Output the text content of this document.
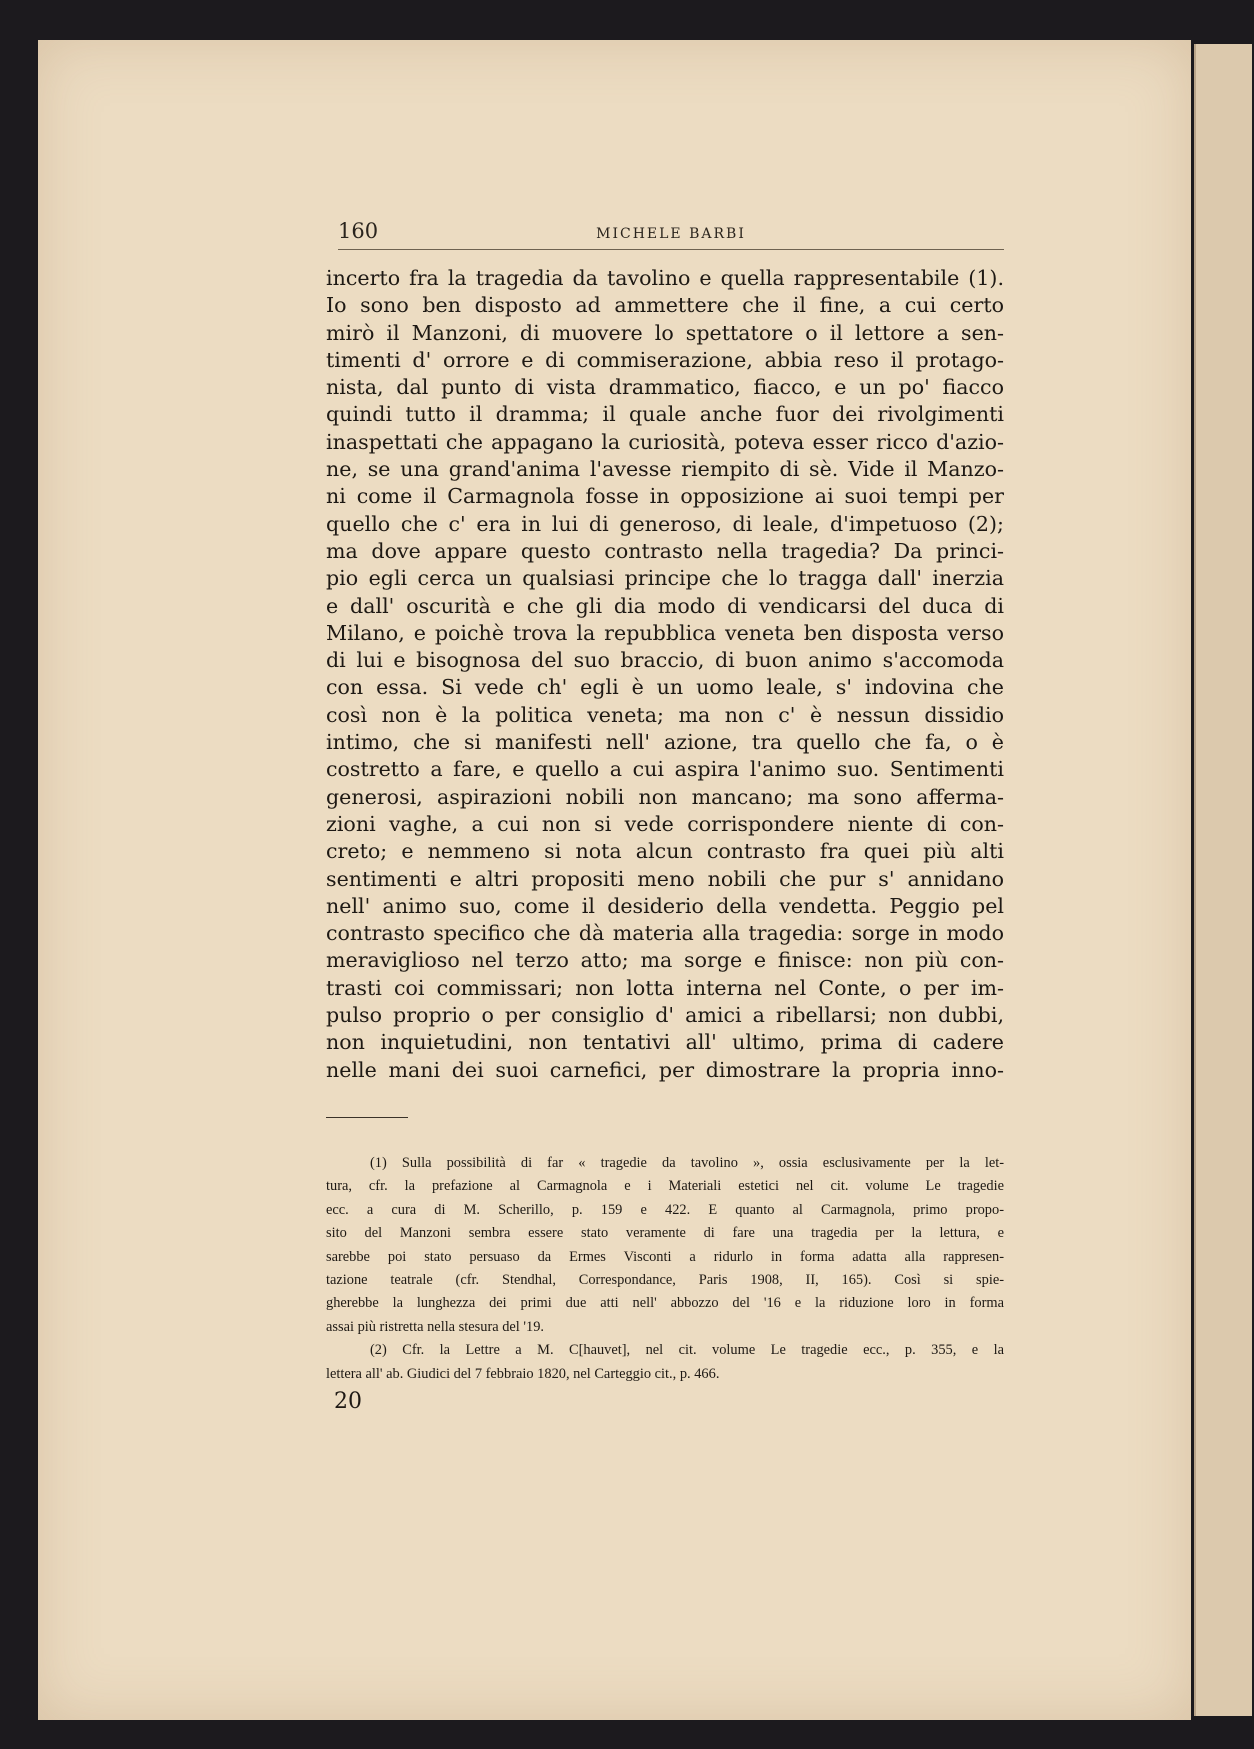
160	MICHELE BARBI
incerto fra la tragedia da tavolino e quella rappresentabile (1).
Io sono ben disposto ad ammettere che il fine, a cui certo
mirò il Manzoni, di muovere lo spettatore o il lettore a sen-
timenti d' orrore e di commiserazione, abbia reso il protago-
nista, dal punto di vista drammatico, fiacco, e un po' fiacco
quindi tutto il dramma; il quale anche fuor dei rivolgimenti
inaspettati che appagano la curiosità, poteva esser ricco d'azio-
ne, se una grand'anima l'avesse riempito di sè. Vide il Manzo-
ni come il Carmagnola fosse in opposizione ai suoi tempi per
quello che c' era in lui di generoso, di leale, d'impetuoso (2);
ma dove appare questo contrasto nella tragedia? Da princi-
pio egli cerca un qualsiasi principe che lo tragga dall' inerzia
e dall' oscurità e che gli dia modo di vendicarsi del duca di
Milano, e poichè trova la repubblica veneta ben disposta verso
di lui e bisognosa del suo braccio, di buon animo s'accomoda
con essa. Si vede ch' egli è un uomo leale, s' indovina che
così non è la politica veneta; ma non c' è nessun dissidio
intimo, che si manifesti nell' azione, tra quello che fa, o è
costretto a fare, e quello a cui aspira l'animo suo. Sentimenti
generosi, aspirazioni nobili non mancano; ma sono afferma-
zioni vaghe, a cui non si vede corrispondere niente di con-
creto; e nemmeno si nota alcun contrasto fra quei più alti
sentimenti e altri propositi meno nobili che pur s' annidano
nell' animo suo, come il desiderio della vendetta. Peggio pel
contrasto specifico che dà materia alla tragedia: sorge in modo
meraviglioso nel terzo atto; ma sorge e finisce: non più con-
trasti coi commissari; non lotta interna nel Conte, o per im-
pulso proprio o per consiglio d' amici a ribellarsi; non dubbi,
non inquietudini, non tentativi all' ultimo, prima di cadere
nelle mani dei suoi carnefici, per dimostrare la propria inno-
(1) Sulla possibilità di far « tragedie da tavolino », ossia esclusivamente per la let-
tura, cfr. la prefazione al Carmagnola e i Materiali estetici nel cit. volume Le tragedie
ecc. a cura di M. Scherillo, p. 159 e 422. E quanto al Carmagnola, primo propo-
sito del Manzoni sembra essere stato veramente di fare una tragedia per la lettura, e
sarebbe poi stato persuaso da Ermes Visconti a ridurlo in forma adatta alla rappresen-
tazione teatrale (cfr. Stendhal, Correspondance, Paris 1908, II, 165). Così si spie-
gherebbe la lunghezza dei primi due atti nell' abbozzo del '16 e la riduzione loro in forma
assai più ristretta nella stesura del '19.
(2) Cfr. la Lettre a M. C[hauvet], nel cit. volume Le tragedie ecc., p. 355, e la
lettera all' ab. Giudici del 7 febbraio 1820, nel Carteggio cit., p. 466.
20
